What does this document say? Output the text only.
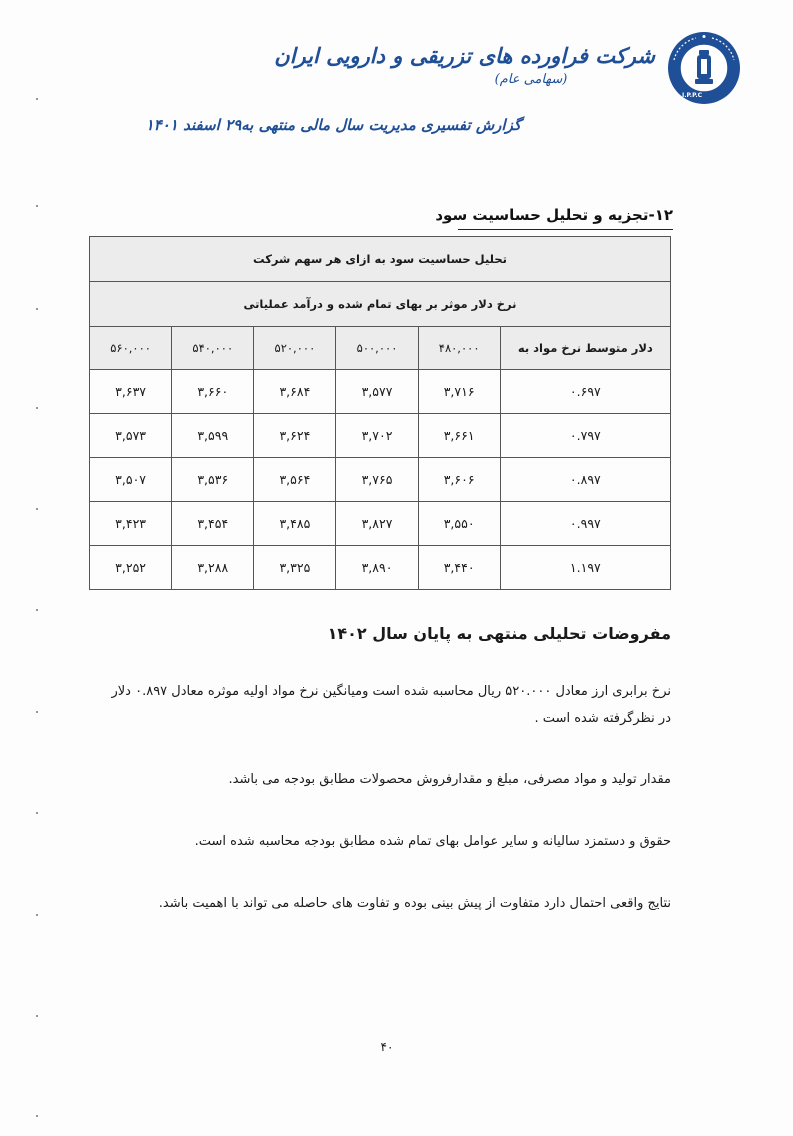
I.P.P.C
شرکت فراورده های تزریقی و دارویی ایران
(سهامی عام)
گزارش تفسیری مدیریت سال مالی منتهی به۲۹ اسفند ۱۴۰۱
۱۲-تجزیه و تحلیل حساسیت سود
تحلیل حساسیت سود به ازای هر سهم شرکت					
نرخ دلار موثر بر بهای تمام شده و درآمد عملیاتی					
دلار متوسط نرخ مواد به	۴۸۰,۰۰۰	۵۰۰,۰۰۰	۵۲۰,۰۰۰	۵۴۰,۰۰۰	۵۶۰,۰۰۰
۰.۶۹۷	۳,۷۱۶	۳,۵۷۷	۳,۶۸۴	۳,۶۶۰	۳,۶۳۷
۰.۷۹۷	۳,۶۶۱	۳,۷۰۲	۳,۶۲۴	۳,۵۹۹	۳,۵۷۳
۰.۸۹۷	۳,۶۰۶	۳,۷۶۵	۳,۵۶۴	۳,۵۳۶	۳,۵۰۷
۰.۹۹۷	۳,۵۵۰	۳,۸۲۷	۳,۴۸۵	۳,۴۵۴	۳,۴۲۳
۱.۱۹۷	۳,۴۴۰	۳,۸۹۰	۳,۳۲۵	۳,۲۸۸	۳,۲۵۲
مفروضات تحلیلی منتهی به پایان سال ۱۴۰۲
نرخ برابری ارز معادل ۵۲۰.۰۰۰ ریال محاسبه شده است ومیانگین نرخ مواد اولیه موثره معادل ۰.۸۹۷ دلار در نظرگرفته شده است .
مقدار تولید و مواد مصرفی، مبلغ و مقدارفروش محصولات مطابق بودجه می باشد.
حقوق و دستمزد سالیانه و سایر عوامل بهای تمام شده مطابق بودجه محاسبه شده است.
نتایج واقعی احتمال دارد متفاوت از پیش بینی بوده و تفاوت های حاصله می تواند با اهمیت باشد.
۴۰
